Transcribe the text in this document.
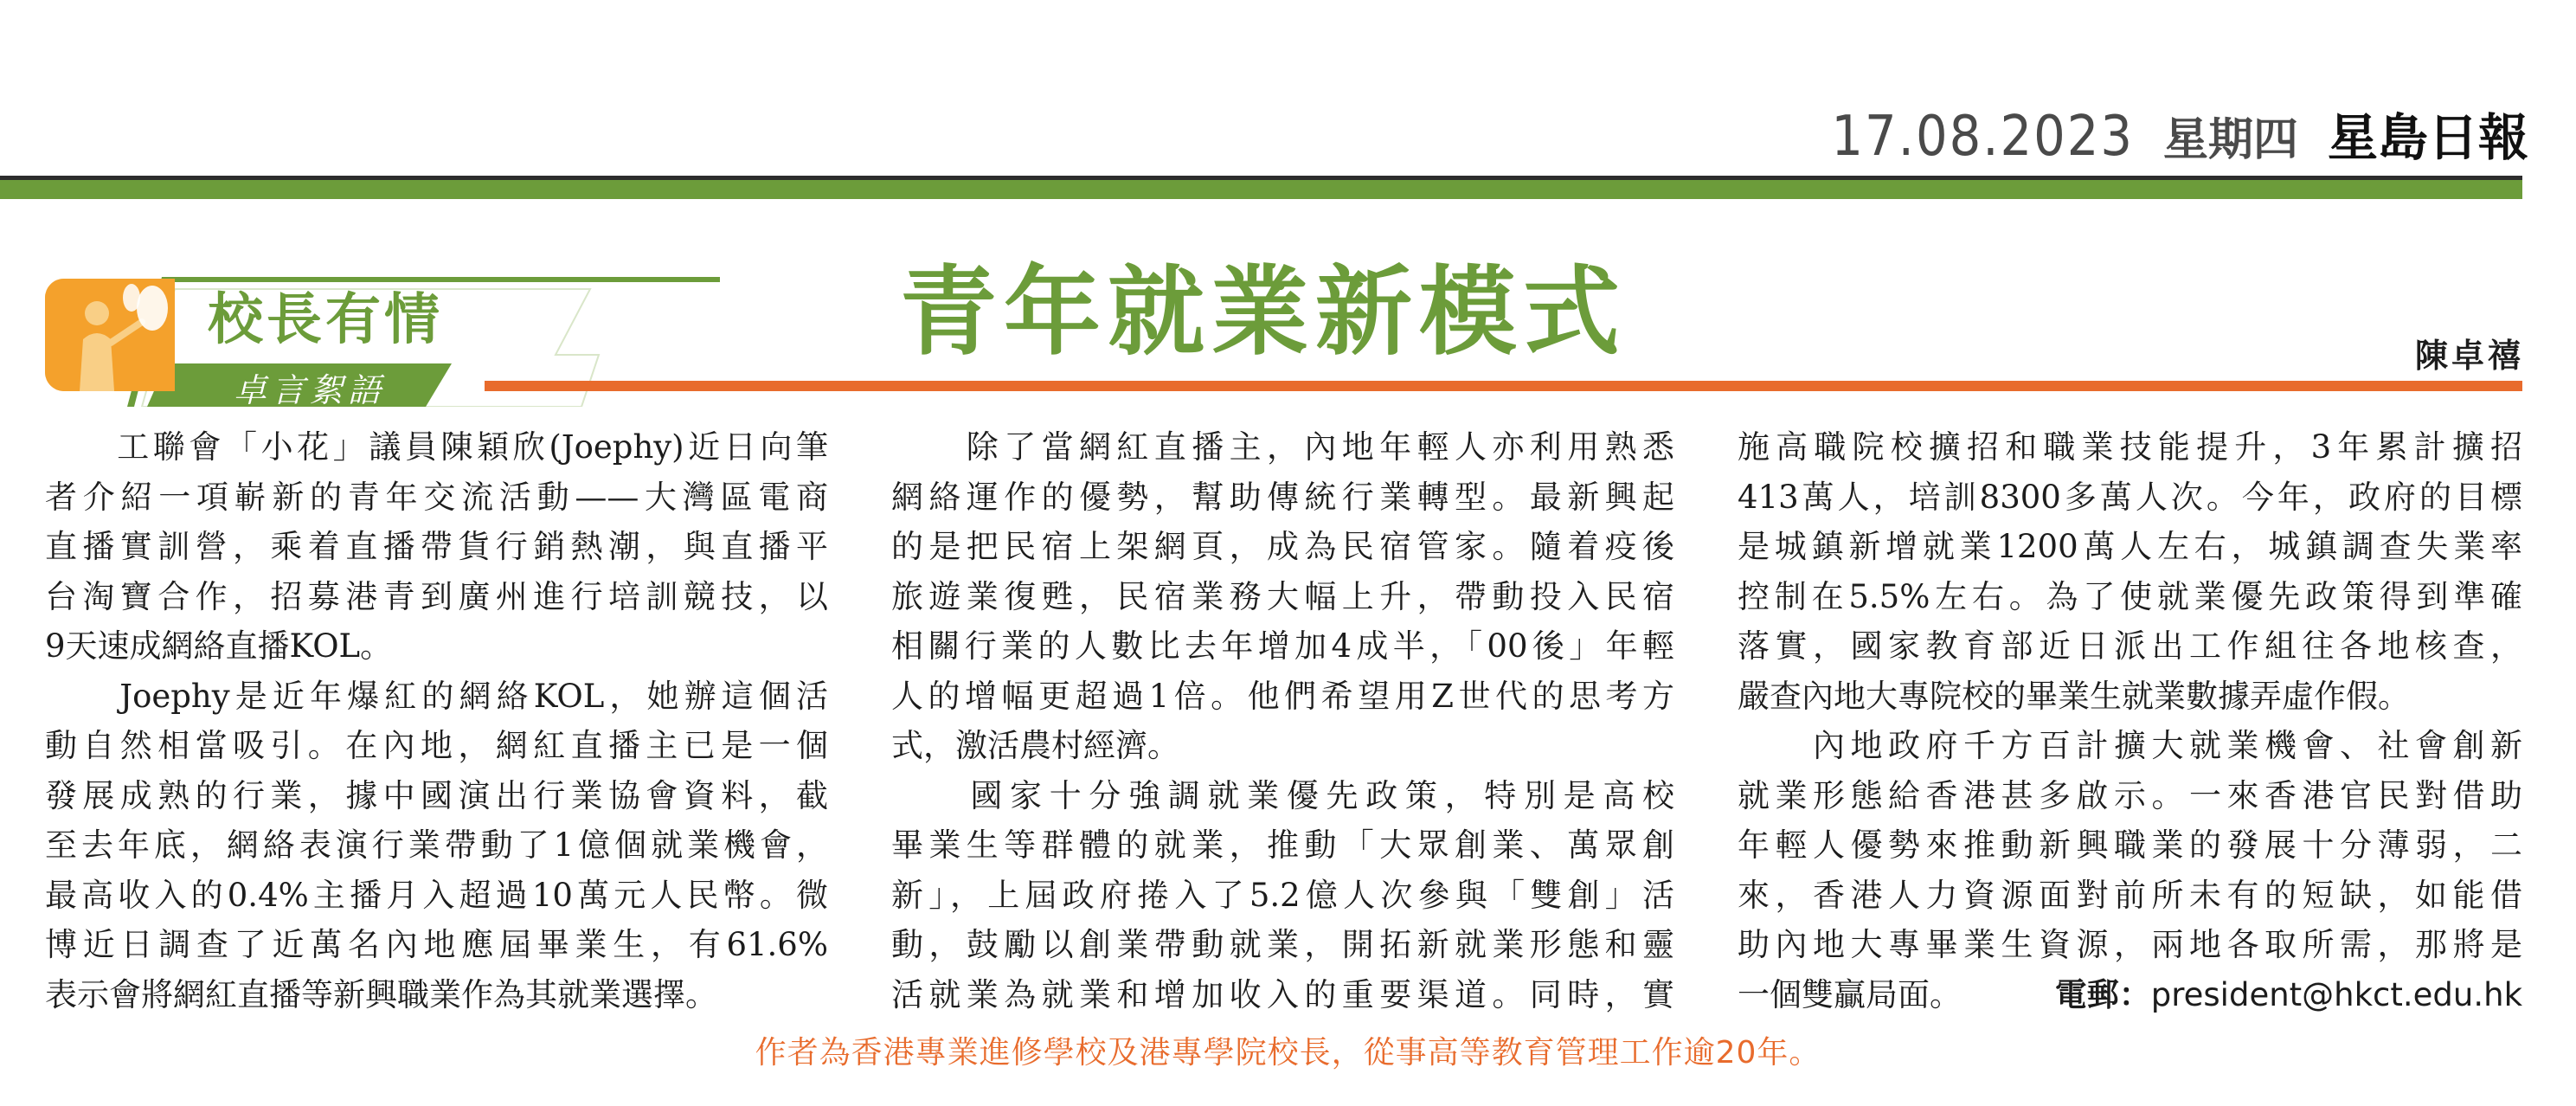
17.08.2023 星期四 星島日報
校長有情
卓言絮語
青年就業新模式	陳卓禧
　　工聯會「小花」議員陳穎欣(Joephy)近日向筆
者介紹一項嶄新的青年交流活動——大灣區電商
直播實訓營，乘着直播帶貨行銷熱潮，與直播平
台淘寶合作，招募港青到廣州進行培訓競技，以
9天速成網絡直播KOL。
　　Joephy是近年爆紅的網絡KOL，她辦這個活
動自然相當吸引。在內地，網紅直播主已是一個
發展成熟的行業，據中國演出行業協會資料，截
至去年底，網絡表演行業帶動了1億個就業機會，
最高收入的0.4%主播月入超過10萬元人民幣。微
博近日調查了近萬名內地應屆畢業生，有61.6%
表示會將網紅直播等新興職業作為其就業選擇。
　　除了當網紅直播主，內地年輕人亦利用熟悉
網絡運作的優勢，幫助傳統行業轉型。最新興起
的是把民宿上架網頁，成為民宿管家。隨着疫後
旅遊業復甦，民宿業務大幅上升，帶動投入民宿
相關行業的人數比去年增加4成半，「00後」年輕
人的增幅更超過1倍。他們希望用Z世代的思考方
式，激活農村經濟。
　　國家十分強調就業優先政策，特別是高校
畢業生等群體的就業，推動「大眾創業、萬眾創
新」，上屆政府捲入了5.2億人次參與「雙創」活
動，鼓勵以創業帶動就業，開拓新就業形態和靈
活就業為就業和增加收入的重要渠道。同時，實
施高職院校擴招和職業技能提升，3年累計擴招
413萬人，培訓8300多萬人次。今年，政府的目標
是城鎮新增就業1200萬人左右，城鎮調查失業率
控制在5.5%左右。為了使就業優先政策得到準確
落實，國家教育部近日派出工作組往各地核查，
嚴查內地大專院校的畢業生就業數據弄虛作假。
　　內地政府千方百計擴大就業機會、社會創新
就業形態給香港甚多啟示。一來香港官民對借助
年輕人優勢來推動新興職業的發展十分薄弱，二
來，香港人力資源面對前所未有的短缺，如能借
助內地大專畢業生資源，兩地各取所需，那將是
一個雙贏局面。　 電郵：president@hkct.edu.hk
作者為香港專業進修學校及港專學院校長，從事高等教育管理工作逾20年。
